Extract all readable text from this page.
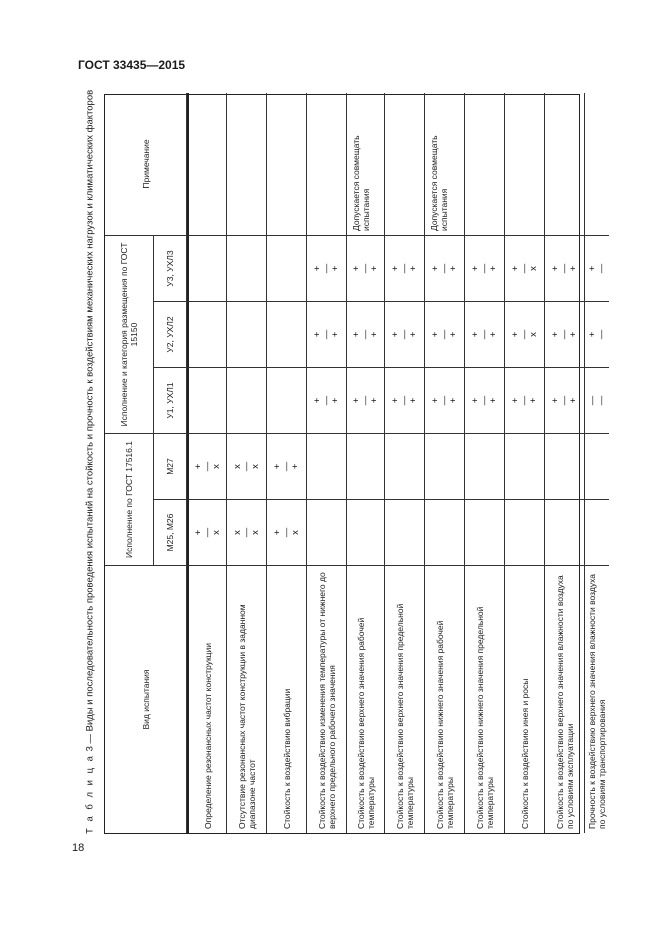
ГОСТ 33435—2015
Т а б л и ц а 3 — Виды и последовательность проведения испытаний на стойкость и прочность к воздействиям механических нагрузок и климатических факторов	Вид испытания
Исполнение по ГОСТ 17516.1
Исполнение и категория размещения по ГОСТ 15150
Примечание
М25, М26
М27
У1, УХЛ1
У2, УХЛ2
У3, УХЛ3
Определение резонансных частот конструкции
+
—
х
+
—
х
Отсутствие резонансных частот конструкции в заданном диапазоне частот
х
—
х
х
—
х
Стойкость к воздействию вибрации
+
—
х
+
—
+
Стойкость к воздействию изменения температуры от нижнего до верхнего предельного рабочего значения
+
—
+
+
—
+
+
—
+
Стойкость к воздействию верхнего значения рабочей температуры
+
—
+
+
—
+
+
—
+
Допускается совмещать испытания
Стойкость к воздействию верхнего значения предельной температуры
+
—
+
+
—
+
+
—
+
Стойкость к воздействию нижнего значения рабочей температуры
+
—
+
+
—
+
+
—
+
Допускается совмещать испытания
Стойкость к воздействию нижнего значения предельной температуры
+
—
+
+
—
+
+
—
+
Стойкость к воздействию инея и росы
+
—
+
+
—
х
+
—
х
Стойкость к воздействию верхнего значения влажности воздуха по условиям эксплуатации
+
—
+
+
—
+
+
—
+
Прочность к воздействию верхнего значения влажности воздуха по условиям транспортирования
—
—
+
—
+
—
18
